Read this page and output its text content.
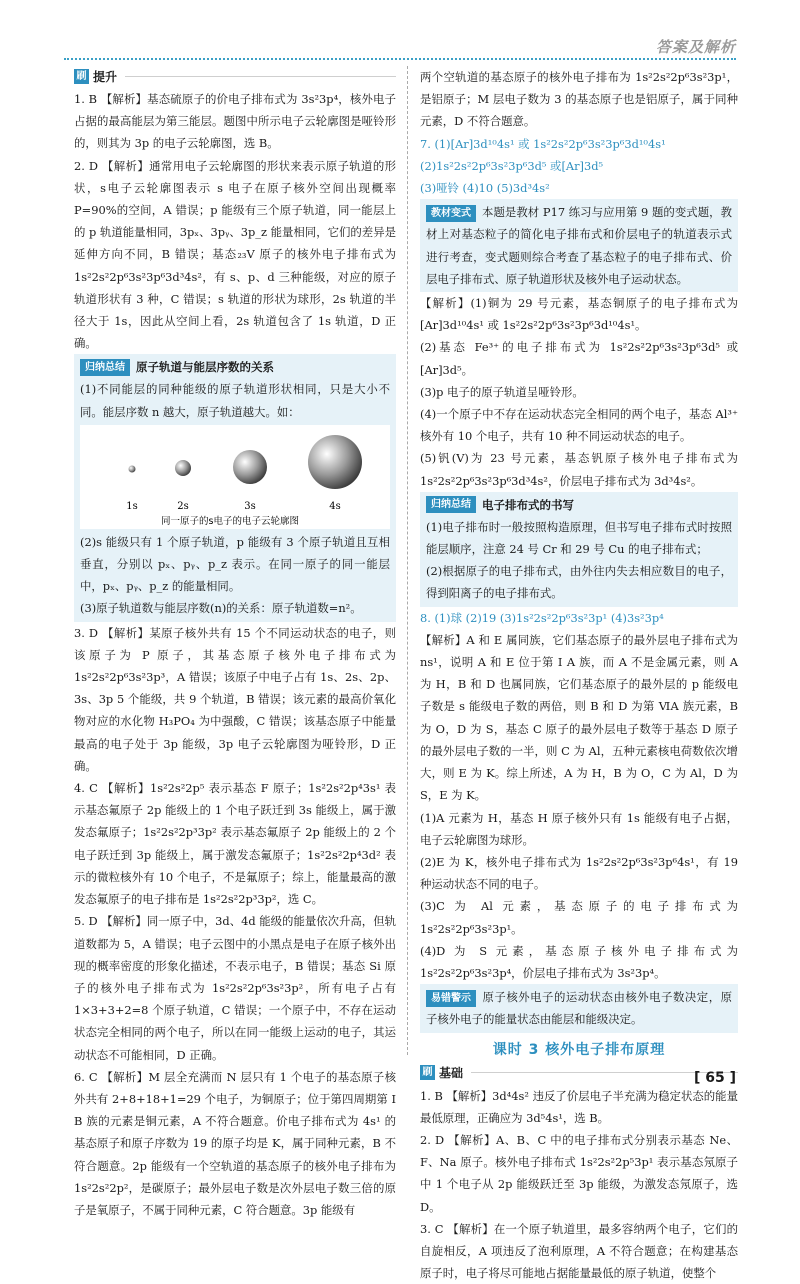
答案及解析
刷 提升

1. B 【解析】基态硫原子的价电子排布式为 3s²3p⁴，核外电子占据的最高能层为第三能层。题图中所示电子云轮廓图是哑铃形的，则其为 3p 的电子云轮廓图，选 B。

2. D 【解析】通常用电子云轮廓图的形状来表示原子轨道的形状，s电子云轮廓图表示 s 电子在原子核外空间出现概率 P=90%的空间，A 错误；p 能级有三个原子轨道，同一能层上的 p 轨道能量相同，3pₓ、3pᵧ、3p_z 能量相同，它们的差异是延伸方向不同，B 错误；基态₂₃V 原子的核外电子排布式为 1s²2s²2p⁶3s²3p⁶3d³4s²，有 s、p、d 三种能级，对应的原子轨道形状有 3 种，C 错误；s 轨道的形状为球形，2s 轨道的半径大于 1s，因此从空间上看，2s 轨道包含了 1s 轨道，D 正确。

归纳总结 原子轨道与能层序数的关系

(1)不同能层的同种能级的原子轨道形状相同，只是大小不同。能层序数 n 越大，原子轨道越大。如：

1s	2s	3s	4s
同一原子的s电子的电子云轮廓图

(2)s 能级只有 1 个原子轨道，p 能级有 3 个原子轨道且互相垂直，分别以 pₓ、pᵧ、p_z 表示。在同一原子的同一能层中，pₓ、pᵧ、p_z 的能量相同。

(3)原子轨道数与能层序数(n)的关系：原子轨道数=n²。

3. D 【解析】某原子核外共有 15 个不同运动状态的电子，则该原子为 P 原子，其基态原子核外电子排布式为 1s²2s²2p⁶3s²3p³，A 错误；该原子中电子占有 1s、2s、2p、3s、3p 5 个能级，共 9 个轨道，B 错误；该元素的最高价氧化物对应的水化物 H₃PO₄ 为中强酸，C 错误；该基态原子中能量最高的电子处于 3p 能级，3p 电子云轮廓图为哑铃形，D 正确。

4. C 【解析】1s²2s²2p⁵ 表示基态 F 原子；1s²2s²2p⁴3s¹ 表示基态氟原子 2p 能级上的 1 个电子跃迁到 3s 能级上，属于激发态氟原子；1s²2s²2p³3p² 表示基态氟原子 2p 能级上的 2 个电子跃迁到 3p 能级上，属于激发态氟原子；1s²2s²2p⁴3d² 表示的微粒核外有 10 个电子，不是氟原子；综上，能量最高的激发态氟原子的电子排布是 1s²2s²2p³3p²，选 C。

5. D 【解析】同一原子中，3d、4d 能级的能量依次升高，但轨道数都为 5，A 错误；电子云图中的小黑点是电子在原子核外出现的概率密度的形象化描述，不表示电子，B 错误；基态 Si 原子的核外电子排布式为 1s²2s²2p⁶3s²3p²，所有电子占有 1×3+3+2=8 个原子轨道，C 错误；一个原子中，不存在运动状态完全相同的两个电子，所以在同一能级上运动的电子，其运动状态不可能相同，D 正确。

6. C 【解析】M 层全充满而 N 层只有 1 个电子的基态原子核外共有 2+8+18+1=29 个电子，为铜原子；位于第四周期第 Ⅰ B 族的元素是铜元素，A 不符合题意。价电子排布式为 4s¹ 的基态原子和原子序数为 19 的原子均是 K，属于同种元素，B 不符合题意。2p 能级有一个空轨道的基态原子的核外电子排布为 1s²2s²2p²，是碳原子；最外层电子数是次外层电子数三倍的原子是氧原子，不属于同种元素，C 符合题意。3p 能级有

两个空轨道的基态原子的核外电子排布为 1s²2s²2p⁶3s²3p¹，是铝原子；M 层电子数为 3 的基态原子也是铝原子，属于同种元素，D 不符合题意。

7. (1)[Ar]3d¹⁰4s¹ 或 1s²2s²2p⁶3s²3p⁶3d¹⁰4s¹

(2)1s²2s²2p⁶3s²3p⁶3d⁵ 或[Ar]3d⁵

(3)哑铃 (4)10 (5)3d³4s²

教材变式 本题是教材 P17 练习与应用第 9 题的变式题，教材上对基态粒子的简化电子排布式和价层电子的轨道表示式进行考查，变式题则综合考查了基态粒子的电子排布式、价层电子排布式、原子轨道形状及核外电子运动状态。

【解析】(1)铜为 29 号元素，基态铜原子的电子排布式为 [Ar]3d¹⁰4s¹ 或 1s²2s²2p⁶3s²3p⁶3d¹⁰4s¹。

(2)基态 Fe³⁺的电子排布式为 1s²2s²2p⁶3s²3p⁶3d⁵ 或[Ar]3d⁵。

(3)p 电子的原子轨道呈哑铃形。

(4)一个原子中不存在运动状态完全相同的两个电子，基态 Al³⁺核外有 10 个电子，共有 10 种不同运动状态的电子。

(5)钒(V)为 23 号元素，基态钒原子核外电子排布式为 1s²2s²2p⁶3s²3p⁶3d³4s²，价层电子排布式为 3d³4s²。

归纳总结 电子排布式的书写

(1)电子排布时一般按照构造原理，但书写电子排布式时按照能层顺序，注意 24 号 Cr 和 29 号 Cu 的电子排布式；

(2)根据原子的电子排布式，由外往内失去相应数目的电子，得到阳离子的电子排布式。

8. (1)球 (2)19 (3)1s²2s²2p⁶3s²3p¹ (4)3s²3p⁴

【解析】A 和 E 属同族，它们基态原子的最外层电子排布式为 ns¹，说明 A 和 E 位于第 Ⅰ A 族，而 A 不是金属元素，则 A 为 H，B 和 D 也属同族，它们基态原子的最外层的 p 能级电子数是 s 能级电子数的两倍，则 B 和 D 为第 ⅥA 族元素，B 为 O，D 为 S，基态 C 原子的最外层电子数等于基态 D 原子的最外层电子数的一半，则 C 为 Al，五种元素核电荷数依次增大，则 E 为 K。综上所述，A 为 H，B 为 O，C 为 Al，D 为 S，E 为 K。

(1)A 元素为 H，基态 H 原子核外只有 1s 能级有电子占据，电子云轮廓图为球形。

(2)E 为 K，核外电子排布式为 1s²2s²2p⁶3s²3p⁶4s¹，有 19 种运动状态不同的电子。

(3)C 为 Al 元素，基态原子的电子排布式为 1s²2s²2p⁶3s²3p¹。

(4)D 为 S 元素，基态原子核外电子排布式为 1s²2s²2p⁶3s²3p⁴，价层电子排布式为 3s²3p⁴。

易错警示 原子核外电子的运动状态由核外电子数决定，原子核外电子的能量状态由能层和能级决定。

课时 3 核外电子排布原理
刷 基础

1. B 【解析】3d⁴4s² 违反了价层电子半充满为稳定状态的能量最低原理，正确应为 3d⁵4s¹，选 B。

2. D 【解析】A、B、C 中的电子排布式分别表示基态 Ne、F、Na 原子。核外电子排布式 1s²2s²2p⁵3p¹ 表示基态氖原子中 1 个电子从 2p 能级跃迁至 3p 能级，为激发态氖原子，选 D。

3. C 【解析】在一个原子轨道里，最多容纳两个电子，它们的自旋相反，A 项违反了泡利原理，A 不符合题意；在构建基态原子时，电子将尽可能地占据能量最低的原子轨道，使整个

[ 65 ]
